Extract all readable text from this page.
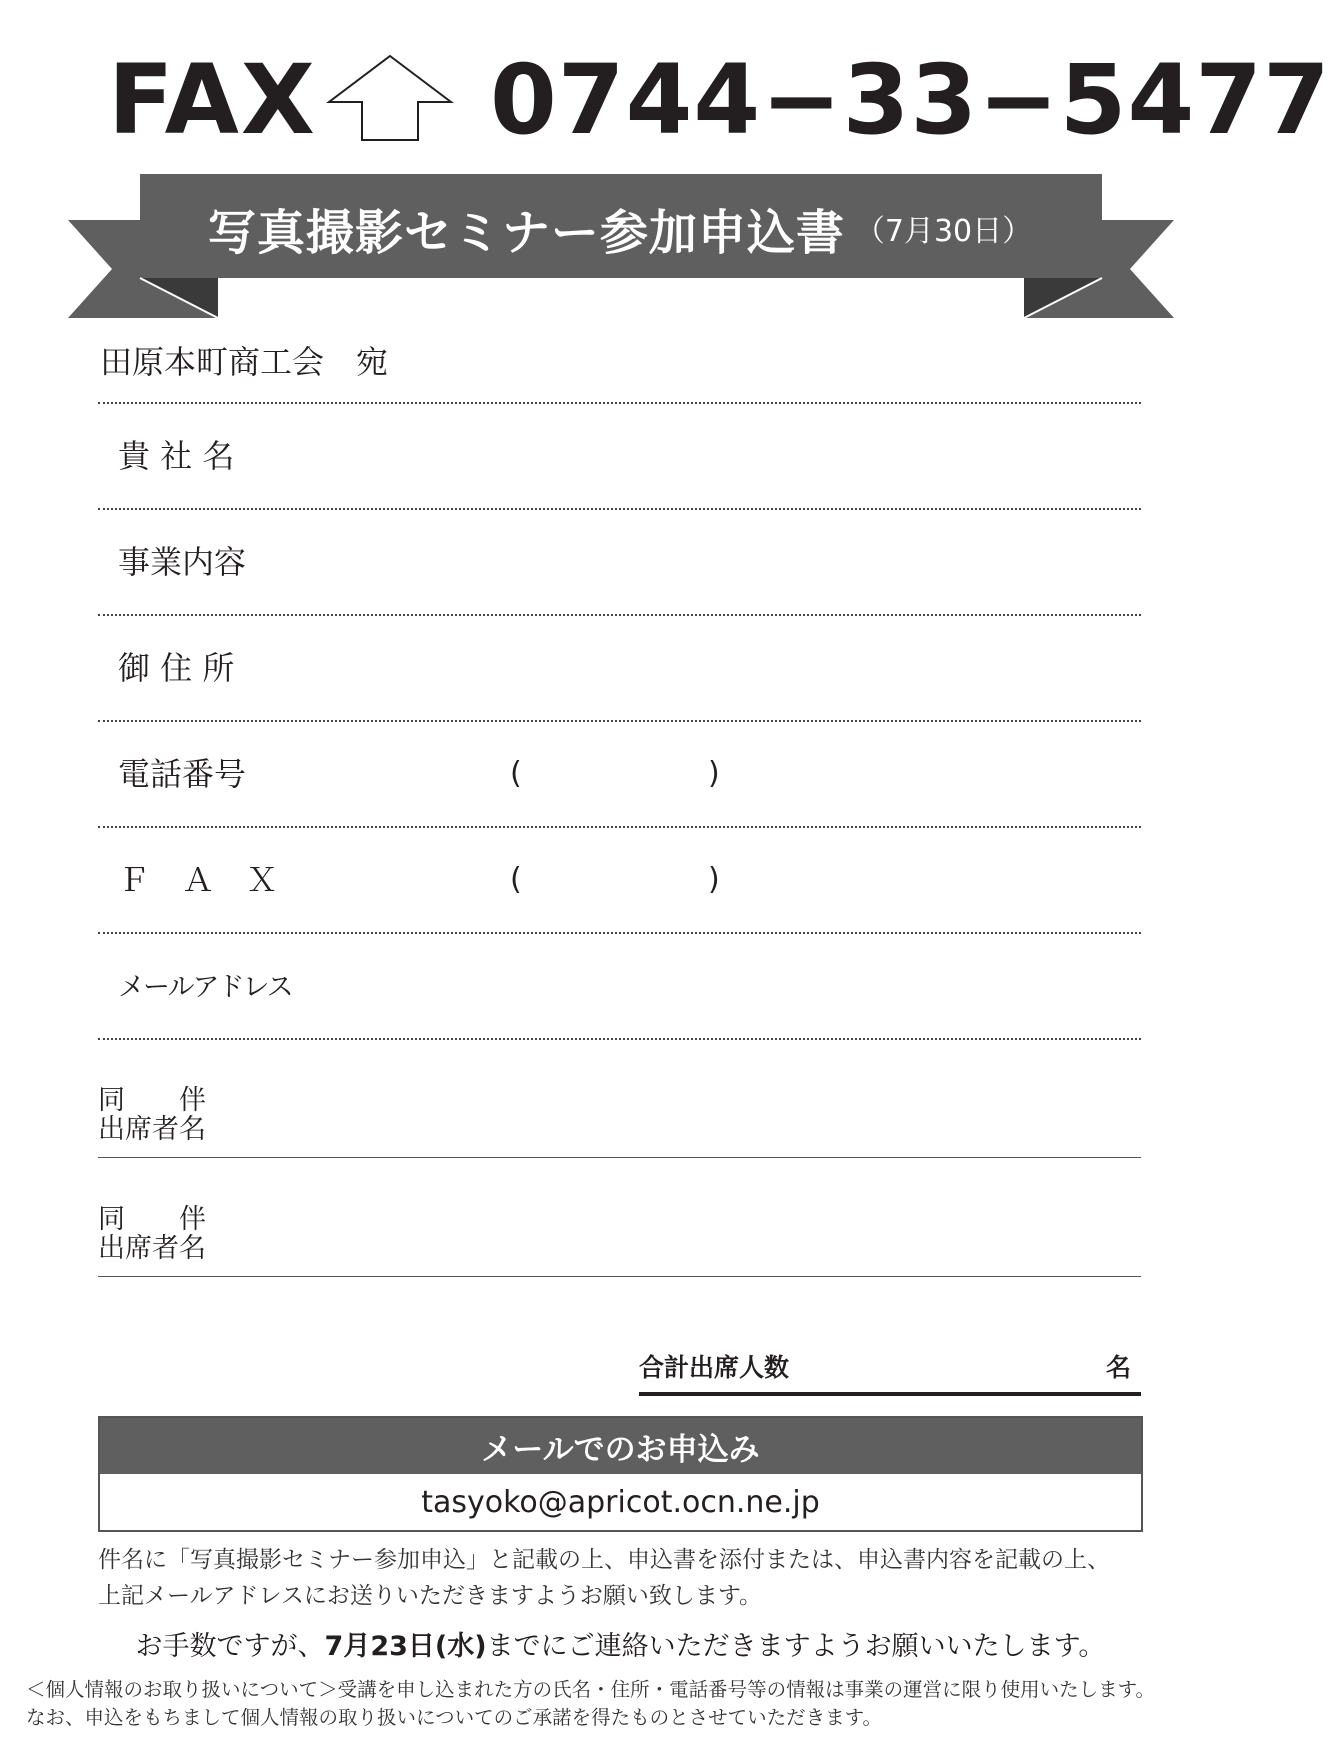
FAX 0744−33−5477
写真撮影セミナー参加申込書 （7月30日）
田原本町商工会　宛
貴 社 名
事業内容
御 住 所
電話番号	(	)
Ｆ　Ａ　Ｘ	(	)
メールアドレス
同 伴
出席者名
同 伴
出席者名
合計出席人数	名
メールでのお申込み
tasyoko@apricot.ocn.ne.jp
件名に「写真撮影セミナー参加申込」と記載の上、申込書を添付または、申込書内容を記載の上、
上記メールアドレスにお送りいただきますようお願い致します。
お手数ですが、7月23日(水)までにご連絡いただきますようお願いいたします。
＜個人情報のお取り扱いについて＞受講を申し込まれた方の氏名・住所・電話番号等の情報は事業の運営に限り使用いたします。
なお、申込をもちまして個人情報の取り扱いについてのご承諾を得たものとさせていただきます。
